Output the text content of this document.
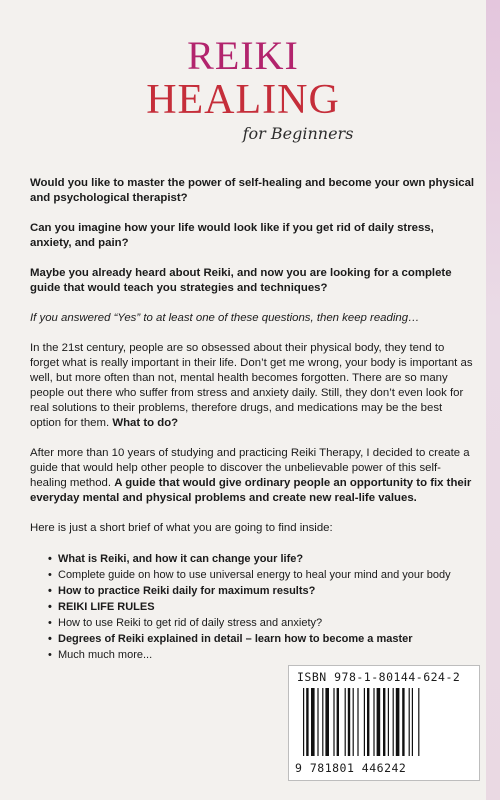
REIKI
HEALING
for Beginners

Would you like to master the power of self-healing and become your own physical and psychological therapist?

Can you imagine how your life would look like if you get rid of daily stress, anxiety, and pain?

Maybe you already heard about Reiki, and now you are looking for a complete guide that would teach you strategies and techniques?

If you answered “Yes” to at least one of these questions, then keep reading…

In the 21st century, people are so obsessed about their physical body, they tend to forget what is really important in their life. Don’t get me wrong, your body is important as well, but more often than not, mental health becomes forgotten. There are so many people out there who suffer from stress and anxiety daily. Still, they don’t even look for real solutions to their problems, therefore drugs, and medications may be the best option for them. What to do?

After more than 10 years of studying and practicing Reiki Therapy, I decided to create a guide that would help other people to discover the unbelievable power of this self-healing method. A guide that would give ordinary people an opportunity to fix their everyday mental and physical problems and create new real-life values.

Here is just a short brief of what you are going to find inside:

• What is Reiki, and how it can change your life?
• Complete guide on how to use universal energy to heal your mind and your body
• How to practice Reiki daily for maximum results?
• REIKI LIFE RULES
• How to use Reiki to get rid of daily stress and anxiety?
• Degrees of Reiki explained in detail – learn how to become a master
• Much much more...
ISBN 978-1-80144-624-2
9 781801 446242
